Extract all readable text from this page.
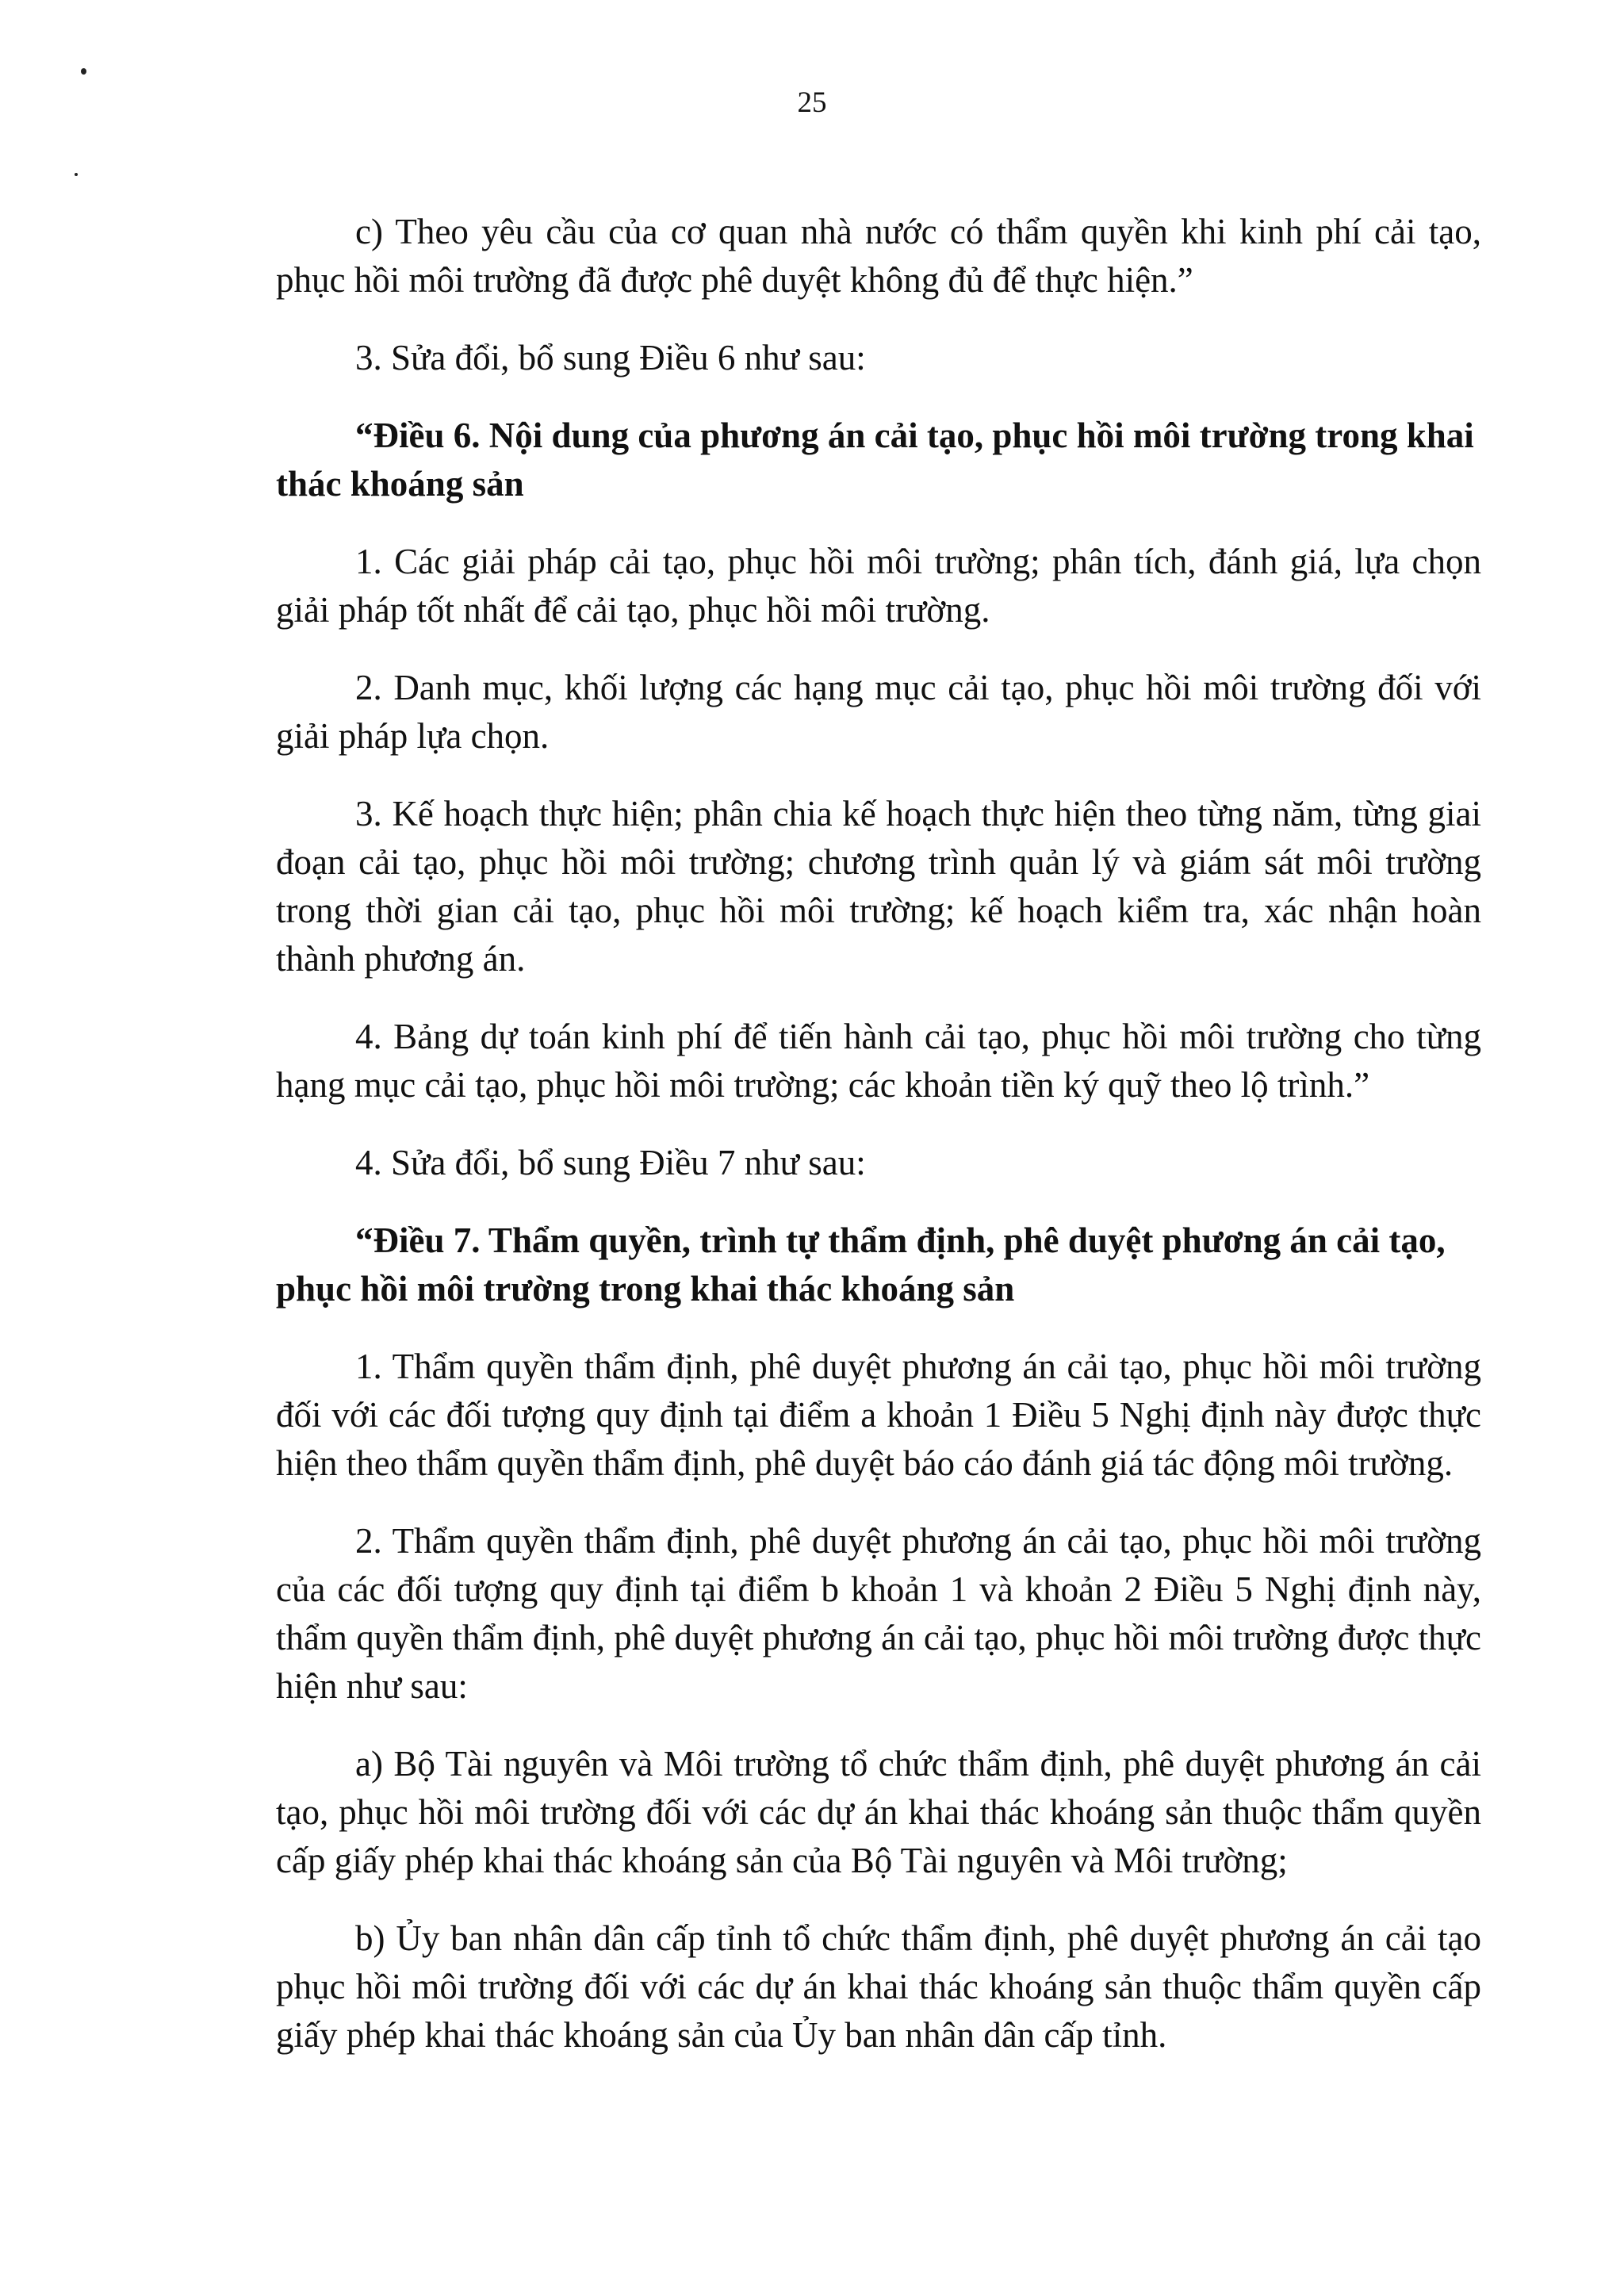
25

c) Theo yêu cầu của cơ quan nhà nước có thẩm quyền khi kinh phí cải tạo, phục hồi môi trường đã được phê duyệt không đủ để thực hiện.”

3. Sửa đổi, bổ sung Điều 6 như sau:

“Điều 6. Nội dung của phương án cải tạo, phục hồi môi trường trong khai thác khoáng sản

1. Các giải pháp cải tạo, phục hồi môi trường; phân tích, đánh giá, lựa chọn giải pháp tốt nhất để cải tạo, phục hồi môi trường.

2. Danh mục, khối lượng các hạng mục cải tạo, phục hồi môi trường đối với giải pháp lựa chọn.

3. Kế hoạch thực hiện; phân chia kế hoạch thực hiện theo từng năm, từng giai đoạn cải tạo, phục hồi môi trường; chương trình quản lý và giám sát môi trường trong thời gian cải tạo, phục hồi môi trường; kế hoạch kiểm tra, xác nhận hoàn thành phương án.

4. Bảng dự toán kinh phí để tiến hành cải tạo, phục hồi môi trường cho từng hạng mục cải tạo, phục hồi môi trường; các khoản tiền ký quỹ theo lộ trình.”

4. Sửa đổi, bổ sung Điều 7 như sau:

“Điều 7. Thẩm quyền, trình tự thẩm định, phê duyệt phương án cải tạo, phục hồi môi trường trong khai thác khoáng sản

1. Thẩm quyền thẩm định, phê duyệt phương án cải tạo, phục hồi môi trường đối với các đối tượng quy định tại điểm a khoản 1 Điều 5 Nghị định này được thực hiện theo thẩm quyền thẩm định, phê duyệt báo cáo đánh giá tác động môi trường.

2. Thẩm quyền thẩm định, phê duyệt phương án cải tạo, phục hồi môi trường của các đối tượng quy định tại điểm b khoản 1 và khoản 2 Điều 5 Nghị định này, thẩm quyền thẩm định, phê duyệt phương án cải tạo, phục hồi môi trường được thực hiện như sau:

a) Bộ Tài nguyên và Môi trường tổ chức thẩm định, phê duyệt phương án cải tạo, phục hồi môi trường đối với các dự án khai thác khoáng sản thuộc thẩm quyền cấp giấy phép khai thác khoáng sản của Bộ Tài nguyên và Môi trường;

b) Ủy ban nhân dân cấp tỉnh tổ chức thẩm định, phê duyệt phương án cải tạo phục hồi môi trường đối với các dự án khai thác khoáng sản thuộc thẩm quyền cấp giấy phép khai thác khoáng sản của Ủy ban nhân dân cấp tỉnh.
